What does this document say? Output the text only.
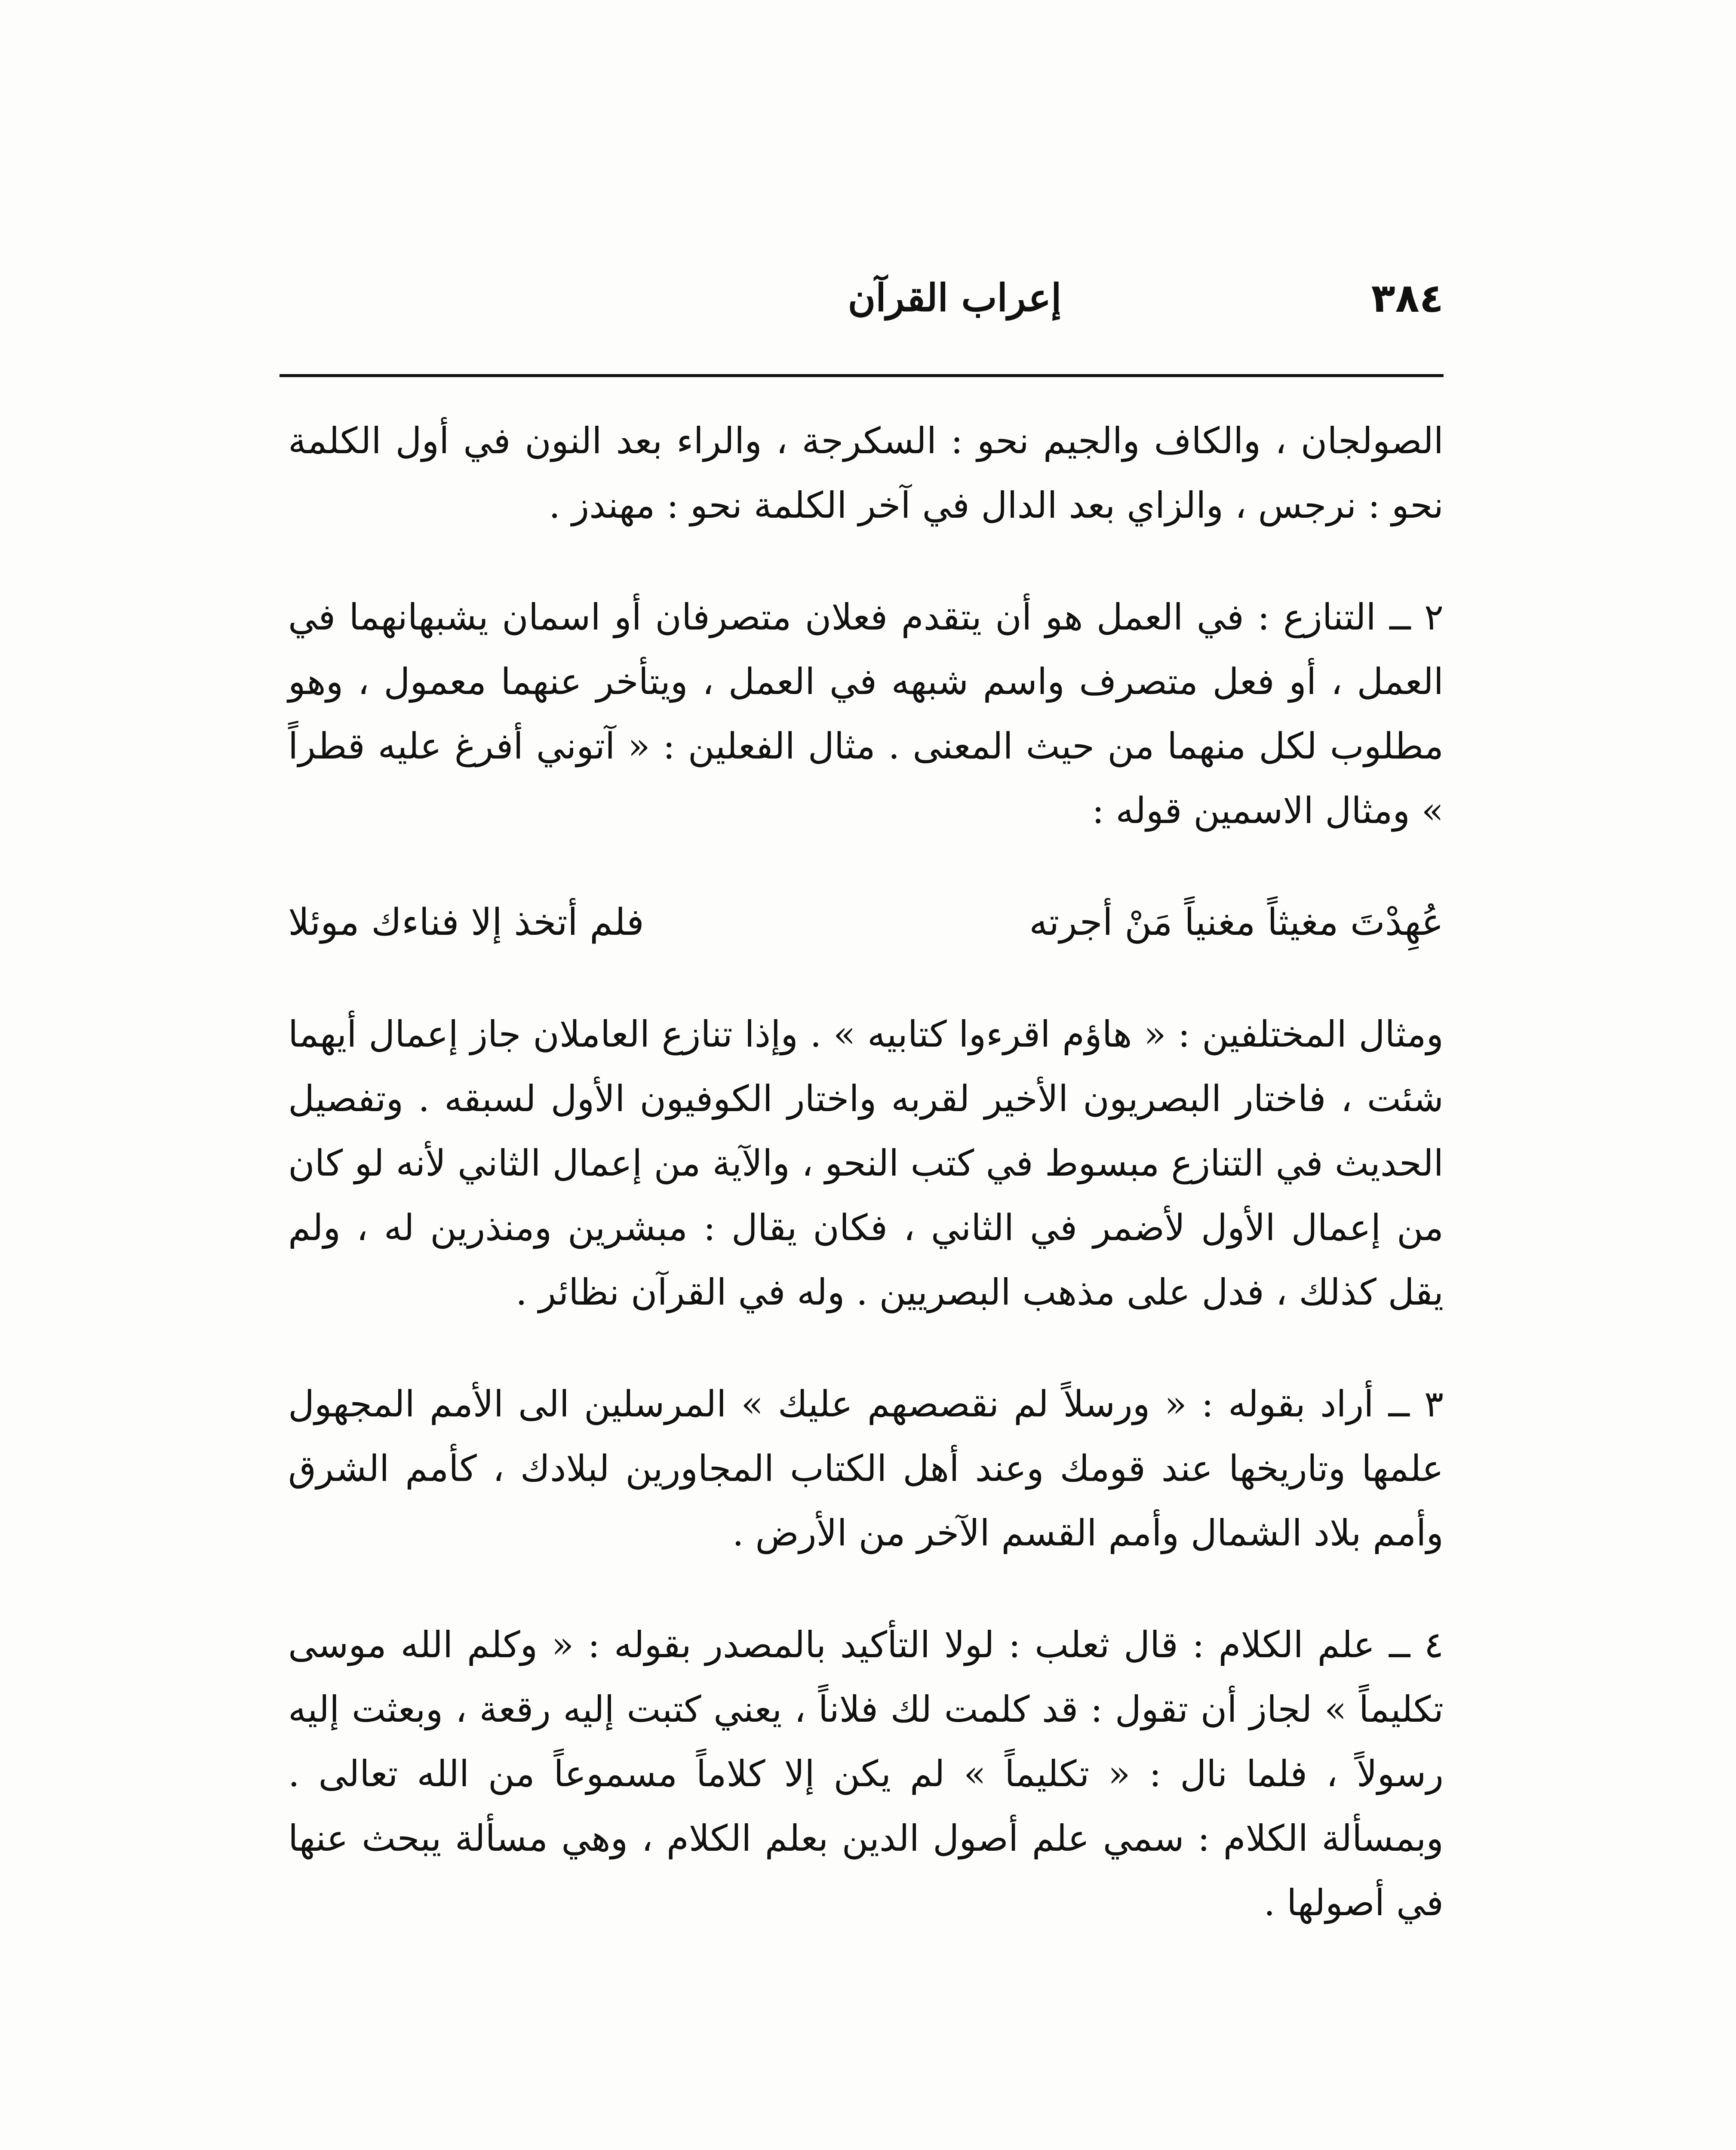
٣٨٤
إعراب القرآن

الصولجان ، والكاف والجيم نحو : السكرجة ، والراء بعد النون في أول الكلمة نحو : نرجس ، والزاي بعد الدال في آخر الكلمة نحو : مهندز .

٢ ــ التنازع : في العمل هو أن يتقدم فعلان متصرفان أو اسمان يشبهانهما في العمل ، أو فعل متصرف واسم شبهه في العمل ، ويتأخر عنهما معمول ، وهو مطلوب لكل منهما من حيث المعنى . مثال الفعلين : « آتوني أفرغ عليه قطراً » ومثال الاسمين قوله :

عُهِدْتَ مغيثاً مغنياً مَنْ أجرته
فلم أتخذ إلا فناءك موئلا

ومثال المختلفين : « هاؤم اقرءوا كتابيه » . وإذا تنازع العاملان جاز إعمال أيهما شئت ، فاختار البصريون الأخير لقربه واختار الكوفيون الأول لسبقه . وتفصيل الحديث في التنازع مبسوط في كتب النحو ، والآية من إعمال الثاني لأنه لو كان من إعمال الأول لأضمر في الثاني ، فكان يقال : مبشرين ومنذرين له ، ولم يقل كذلك ، فدل على مذهب البصريين . وله في القرآن نظائر .

٣ ــ أراد بقوله : « ورسلاً لم نقصصهم عليك » المرسلين الى الأمم المجهول علمها وتاريخها عند قومك وعند أهل الكتاب المجاورين لبلادك ، كأمم الشرق وأمم بلاد الشمال وأمم القسم الآخر من الأرض .

٤ ــ علم الكلام : قال ثعلب : لولا التأكيد بالمصدر بقوله : « وكلم الله موسى تكليماً » لجاز أن تقول : قد كلمت لك فلاناً ، يعني كتبت إليه رقعة ، وبعثت إليه رسولاً ، فلما نال : « تكليماً » لم يكن إلا كلاماً مسموعاً من الله تعالى . وبمسألة الكلام : سمي علم أصول الدين بعلم الكلام ، وهي مسألة يبحث عنها في أصولها .
